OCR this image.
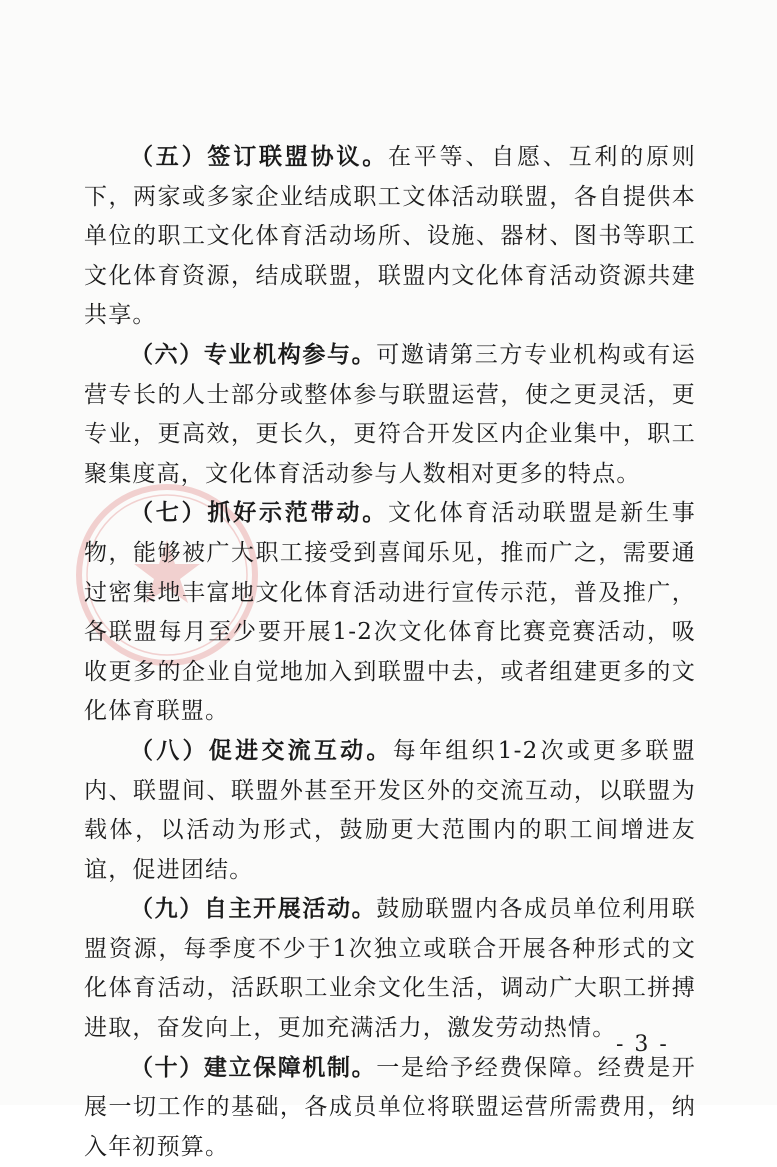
（五）签订联盟协议。在平等、自愿、互利的原则下，两家或多家企业结成职工文体活动联盟，各自提供本单位的职工文化体育活动场所、设施、器材、图书等职工文化体育资源，结成联盟，联盟内文化体育活动资源共建共享。

（六）专业机构参与。可邀请第三方专业机构或有运营专长的人士部分或整体参与联盟运营，使之更灵活，更专业，更高效，更长久，更符合开发区内企业集中，职工聚集度高，文化体育活动参与人数相对更多的特点。

（七）抓好示范带动。文化体育活动联盟是新生事物，能够被广大职工接受到喜闻乐见，推而广之，需要通过密集地丰富地文化体育活动进行宣传示范，普及推广，各联盟每月至少要开展1-2次文化体育比赛竞赛活动，吸收更多的企业自觉地加入到联盟中去，或者组建更多的文化体育联盟。

（八）促进交流互动。每年组织1-2次或更多联盟内、联盟间、联盟外甚至开发区外的交流互动，以联盟为载体，以活动为形式，鼓励更大范围内的职工间增进友谊，促进团结。

（九）自主开展活动。鼓励联盟内各成员单位利用联盟资源，每季度不少于1次独立或联合开展各种形式的文化体育活动，活跃职工业余文化生活，调动广大职工拼搏进取，奋发向上，更加充满活力，激发劳动热情。

（十）建立保障机制。一是给予经费保障。经费是开展一切工作的基础，各成员单位将联盟运营所需费用，纳入年初预算。

- 3 -
